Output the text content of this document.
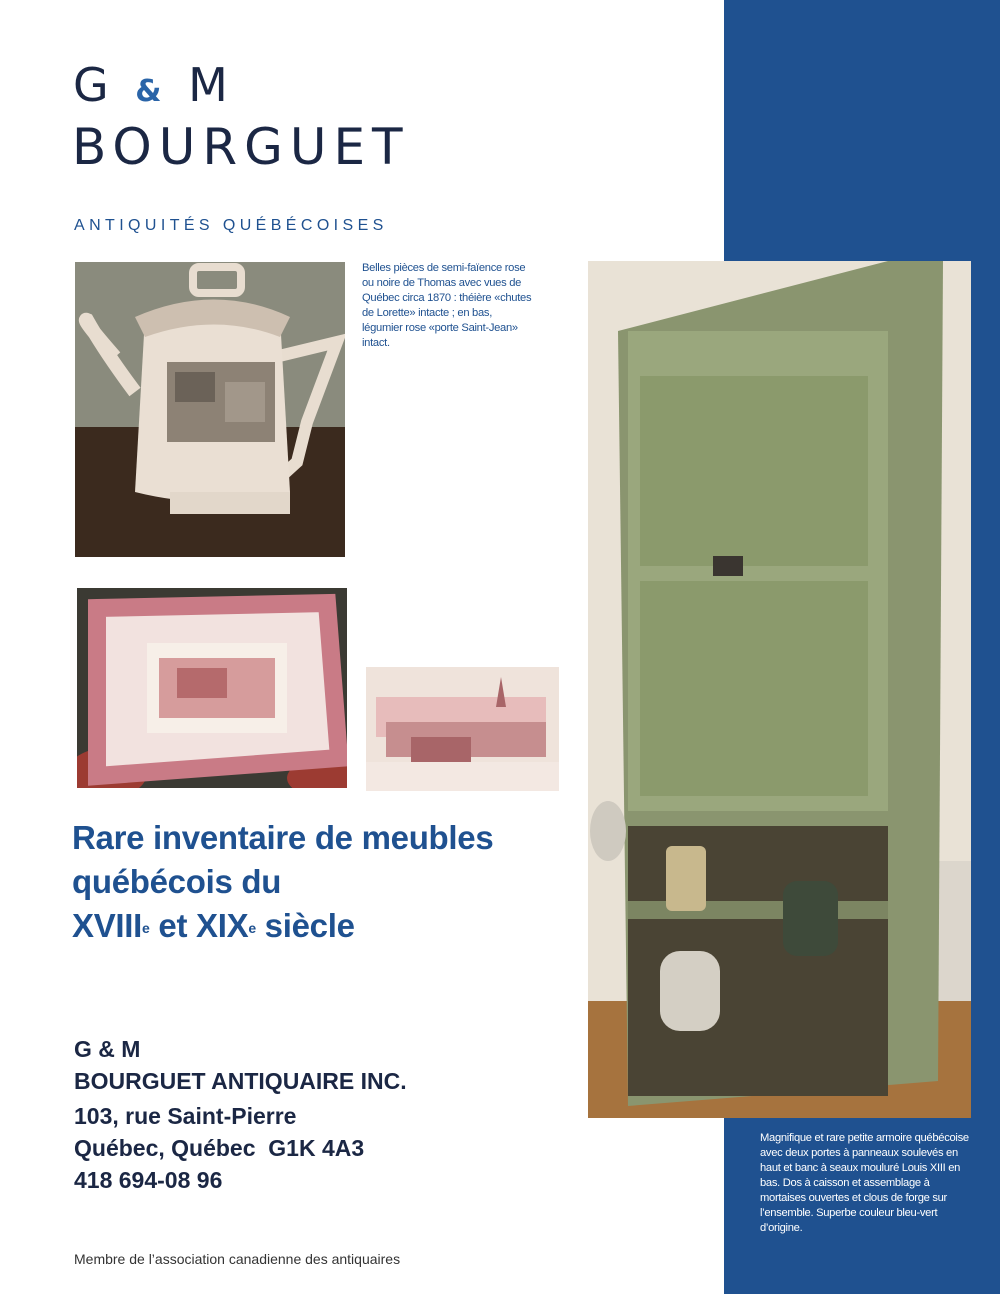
G & M
BOURGUET
ANTIQUITÉS QUÉBÉCOISES
Belles pièces de semi-faïence rose ou noire de Thomas avec vues de Québec circa 1870 : théière «chutes de Lorette» intacte ; en bas, légumier rose «porte Saint-Jean» intact.
Rare inventaire de meubles
québécois du
XVIIIe et XIXe siècle
G & M
BOURGUET ANTIQUAIRE INC.
103, rue Saint-Pierre
Québec, Québec  G1K 4A3
418 694-08 96
Membre de l’association canadienne des antiquaires
Magnifique et rare petite armoire québécoise avec deux portes à panneaux soulevés en haut et banc à seaux mouluré Louis XIII en bas. Dos à caisson et assemblage à mortaises ouvertes et clous de forge sur l’ensemble. Superbe couleur bleu-vert d’origine.
